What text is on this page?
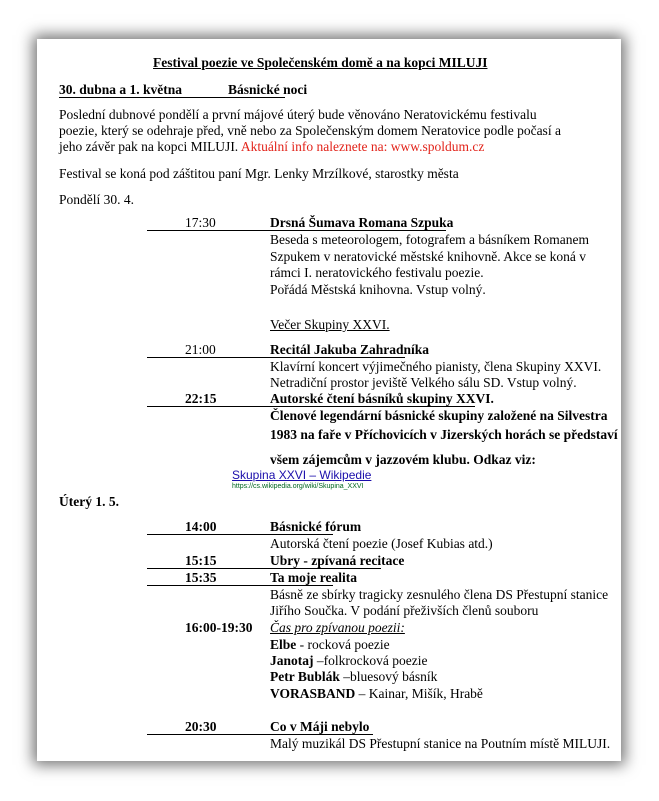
Festival poezie ve Společenském domě a na kopci MILUJI
30. dubna a 1. května	Básnické noci
Poslední dubnové pondělí a první májové úterý bude věnováno Neratovickému festivalu
poezie, který se odehraje před, vně nebo za Společenským domem Neratovice podle počasí a
jeho závěr pak na kopci MILUJI. Aktuální info naleznete na: www.spoldum.cz
Festival se koná pod záštitou paní Mgr. Lenky Mrzílkové, starostky města
Pondělí 30. 4.
17:30	Drsná Šumava Romana Szpuka
Beseda s meteorologem, fotografem a básníkem Romanem
Szpukem v neratovické městské knihovně. Akce se koná v
rámci I. neratovického festivalu poezie.
Pořádá Městská knihovna. Vstup volný.
Večer Skupiny XXVI.
21:00	Recitál Jakuba Zahradníka
Klavírní koncert výjimečného pianisty, člena Skupiny XXVI.
Netradiční prostor jeviště Velkého sálu SD. Vstup volný.
22:15	Autorské čtení básníků skupiny XXVI.
Členové legendární básnické skupiny založené na Silvestra
1983 na faře v Příchovicích v Jizerských horách se představí
všem zájemcům v jazzovém klubu. Odkaz viz:
Skupina XXVI – Wikipedie
https://cs.wikipedia.org/wiki/Skupina_XXVI
Úterý 1. 5.
14:00	Básnické fórum
Autorská čtení poezie (Josef Kubias atd.)
15:15	Ubry - zpívaná recitace
15:35	Ta moje realita
Básně ze sbírky tragicky zesnulého člena DS Přestupní stanice
Jiřího Součka. V podání přeživších členů souboru
16:00-19:30	Čas pro zpívanou poezii:
Elbe - rocková poezie
Janotaj –folkrocková poezie
Petr Bublák –bluesový básník
VORASBAND – Kainar, Mišík, Hrabě
20:30	Co v Máji nebylo
Malý muzikál DS Přestupní stanice na Poutním místě MILUJI.
